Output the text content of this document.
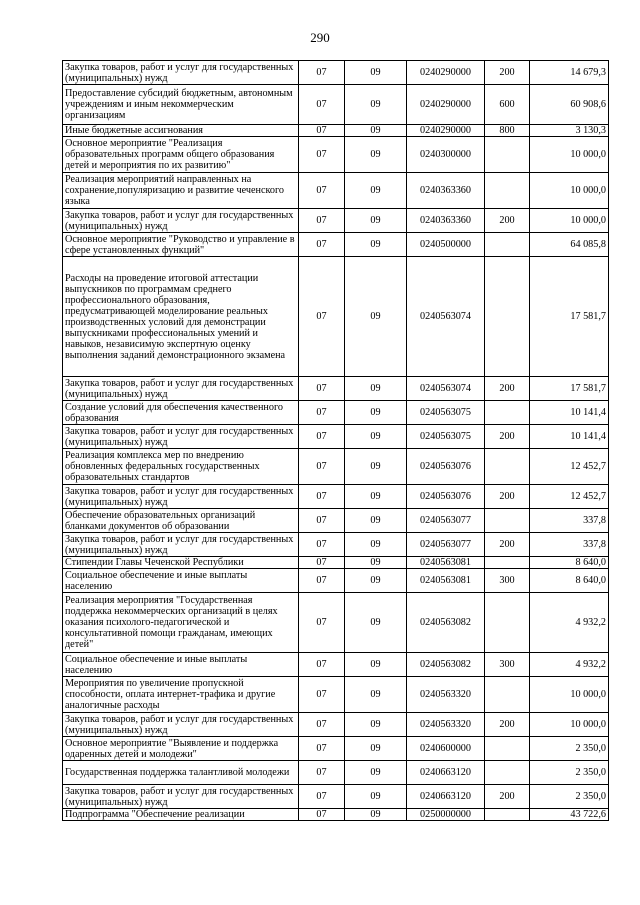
290
Закупка товаров, работ и услуг для государственных (муниципальных) нужд	07	09	0240290000	200	14 679,3
Предоставление субсидий бюджетным, автономным учреждениям и иным некоммерческим организациям	07	09	0240290000	600	60 908,6
Иные бюджетные ассигнования	07	09	0240290000	800	3 130,3
Основное мероприятие "Реализация образовательных программ общего образования детей и мероприятия по их развитию"	07	09	0240300000		10 000,0
Реализация мероприятий направленных на сохранение,популяризацию и развитие чеченского языка	07	09	0240363360		10 000,0
Закупка товаров, работ и услуг для государственных (муниципальных) нужд	07	09	0240363360	200	10 000,0
Основное мероприятие "Руководство и управление в сфере установленных функций"	07	09	0240500000		64 085,8
Расходы на проведение итоговой аттестации выпускников по программам среднего профессионального образования, предусматривающей моделирование реальных производственных условий для демонстрации выпускниками профессиональных умений и навыков, независимую экспертную оценку выполнения заданий демонстрационного экзамена	07	09	0240563074		17 581,7
Закупка товаров, работ и услуг для государственных (муниципальных) нужд	07	09	0240563074	200	17 581,7
Создание условий для обеспечения качественного образования	07	09	0240563075		10 141,4
Закупка товаров, работ и услуг для государственных (муниципальных) нужд	07	09	0240563075	200	10 141,4
Реализация комплекса мер по внедрению обновленных федеральных государственных образовательных стандартов	07	09	0240563076		12 452,7
Закупка товаров, работ и услуг для государственных (муниципальных) нужд	07	09	0240563076	200	12 452,7
Обеспечение образовательных организаций бланками документов об образовании	07	09	0240563077		337,8
Закупка товаров, работ и услуг для государственных (муниципальных) нужд	07	09	0240563077	200	337,8
Стипендии Главы Чеченской Республики	07	09	0240563081		8 640,0
Социальное обеспечение и иные выплаты населению	07	09	0240563081	300	8 640,0
Реализация мероприятия "Государственная поддержка некоммерческих организаций в целях оказания психолого-педагогической и консультативной помощи гражданам, имеющих детей"	07	09	0240563082		4 932,2
Социальное обеспечение и иные выплаты населению	07	09	0240563082	300	4 932,2
Мероприятия по увеличение пропускной способности, оплата интернет-трафика и другие аналогичные расходы	07	09	0240563320		10 000,0
Закупка товаров, работ и услуг для государственных (муниципальных) нужд	07	09	0240563320	200	10 000,0
Основное мероприятие "Выявление и поддержка одаренных детей и молодежи"	07	09	0240600000		2 350,0
Государственная поддержка талантливой молодежи	07	09	0240663120		2 350,0
Закупка товаров, работ и услуг для государственных (муниципальных) нужд	07	09	0240663120	200	2 350,0
Подпрограмма "Обеспечение реализации	07	09	0250000000		43 722,6
